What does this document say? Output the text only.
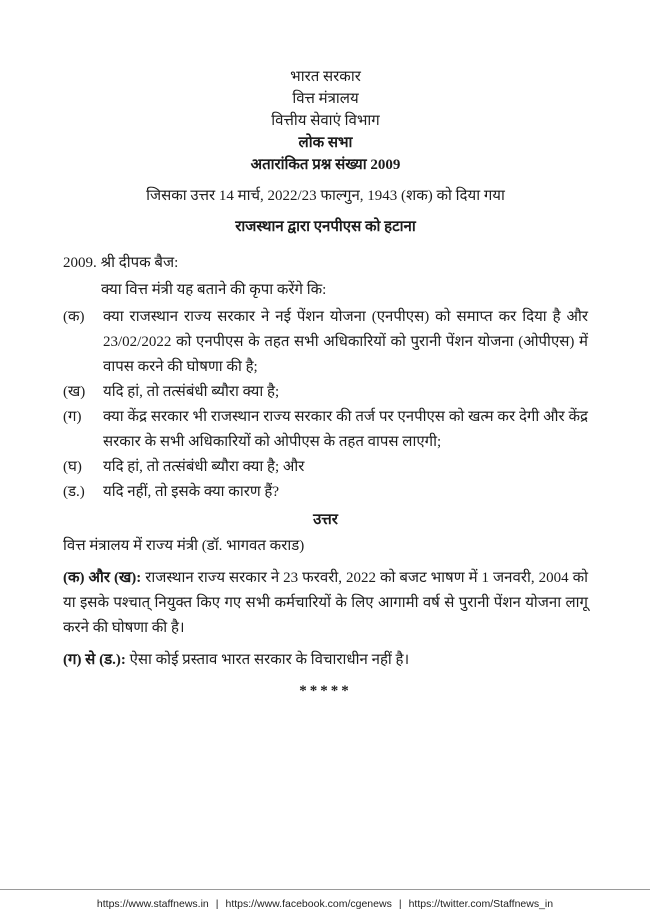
भारत सरकार
वित्त मंत्रालय
वित्तीय सेवाएं विभाग
लोक सभा
अतारांकित प्रश्न संख्या 2009
जिसका उत्तर 14 मार्च, 2022/23 फाल्गुन, 1943 (शक) को दिया गया
राजस्थान द्वारा एनपीएस को हटाना
2009. श्री दीपक बैज:
क्या वित्त मंत्री यह बताने की कृपा करेंगे कि:
(क)	क्या राजस्थान राज्य सरकार ने नई पेंशन योजना (एनपीएस) को समाप्त कर दिया है और 23/02/2022 को एनपीएस के तहत सभी अधिकारियों को पुरानी पेंशन योजना (ओपीएस) में वापस करने की घोषणा की है;
(ख)	यदि हां, तो तत्संबंधी ब्यौरा क्या है;
(ग)	क्या केंद्र सरकार भी राजस्थान राज्य सरकार की तर्ज पर एनपीएस को खत्म कर देगी और केंद्र सरकार के सभी अधिकारियों को ओपीएस के तहत वापस लाएगी;
(घ)	यदि हां, तो तत्संबंधी ब्यौरा क्या है; और
(ड.)	यदि नहीं, तो इसके क्या कारण हैं?
उत्तर
वित्त मंत्रालय में राज्य मंत्री (डॉ. भागवत कराड)
(क) और (ख): राजस्थान राज्य सरकार ने 23 फरवरी, 2022 को बजट भाषण में 1 जनवरी, 2004 को या इसके पश्चात् नियुक्त किए गए सभी कर्मचारियों के लिए आगामी वर्ष से पुरानी पेंशन योजना लागू करने की घोषणा की है।
(ग) से (ड.): ऐसा कोई प्रस्ताव भारत सरकार के विचाराधीन नहीं है।
*****
https://www.staffnews.in | https://www.facebook.com/cgenews | https://twitter.com/Staffnews_in
